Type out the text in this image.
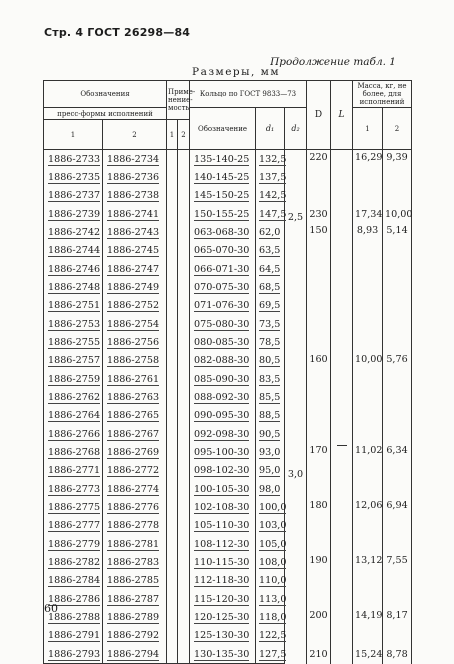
Стр. 4 ГОСТ 26298—84
Продолжение табл. 1
Размеры, мм
Обозначения		Приме-
нение-
мость		Кольцо по ГОСТ 9833—73			D	L	Масса, кг, не более, для исполнений	
пресс-формы исполнений				Обозначение	d₁	d₂			1	2
1	2	1	2							
1886-2733	1886-2734			135-140-25	132,5	2,5	220		16,29	9,39
1886-2735	1886-2736			140-145-25	137,5					
1886-2737	1886-2738			145-150-25	142,5					
1886-2739	1886-2741			150-155-25	147,5		230		17,34	10,00
1886-2742	1886-2743			063-068-30	62,0	3,0	150		8,93	5,14
1886-2744	1886-2745			065-070-30	63,5					
1886-2746	1886-2747			066-071-30	64,5					
1886-2748	1886-2749			070-075-30	68,5					
1886-2751	1886-2752			071-076-30	69,5					
1886-2753	1886-2754			075-080-30	73,5					
1886-2755	1886-2756			080-085-30	78,5					
1886-2757	1886-2758			082-088-30	80,5		160		10,00	5,76
1886-2759	1886-2761			085-090-30	83,5					
1886-2762	1886-2763			088-092-30	85,5					
1886-2764	1886-2765			090-095-30	88,5					
1886-2766	1886-2767			092-098-30	90,5					
1886-2768	1886-2769			095-100-30	93,0		170		11,02	6,34
1886-2771	1886-2772			098-102-30	95,0					
1886-2773	1886-2774			100-105-30	98,0					
1886-2775	1886-2776			102-108-30	100,0		180		12,06	6,94
1886-2777	1886-2778			105-110-30	103,0					
1886-2779	1886-2781			108-112-30	105,0					
1886-2782	1886-2783			110-115-30	108,0		190		13,12	7,55
1886-2784	1886-2785			112-118-30	110,0					
1886-2786	1886-2787			115-120-30	113,0					
1886-2788	1886-2789			120-125-30	118,0		200		14,19	8,17
1886-2791	1886-2792			125-130-30	122,5					
1886-2793	1886-2794			130-135-30	127,5		210		15,24	8,78
60
